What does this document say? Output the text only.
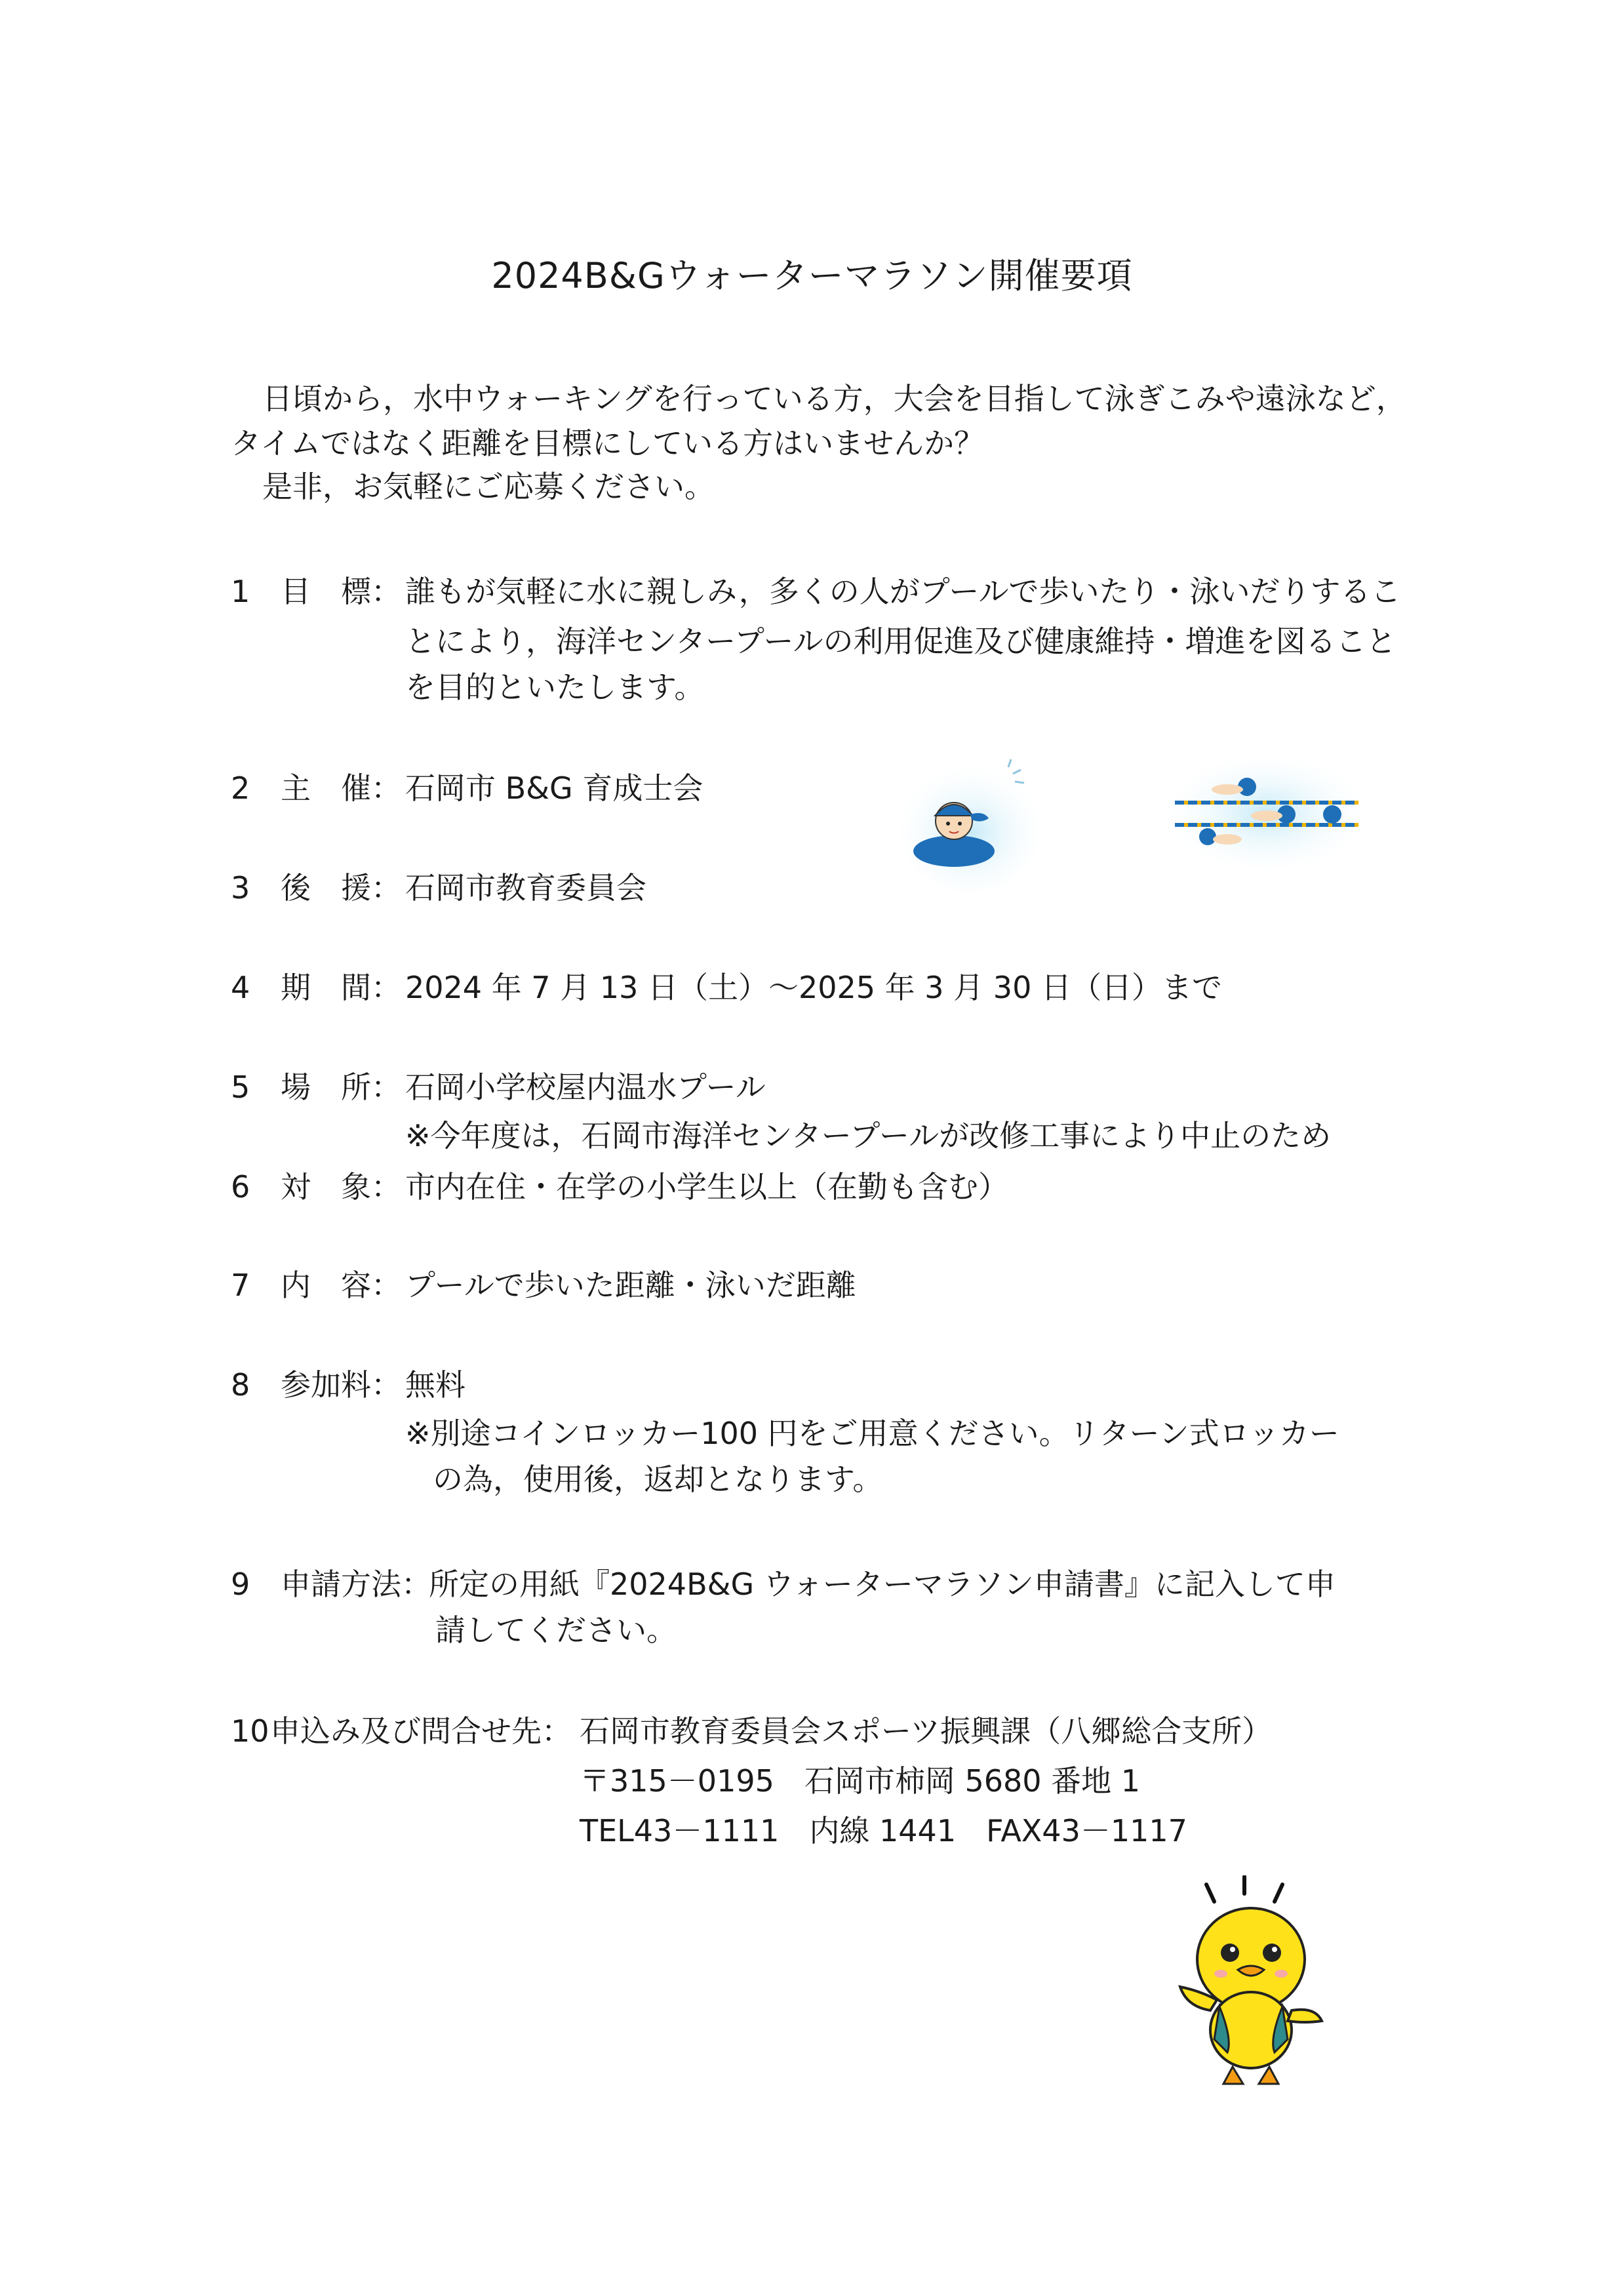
2024B&Gウォーターマラソン開催要項
日頃から，水中ウォーキングを行っている方，大会を目指して泳ぎこみや遠泳など，
タイムではなく距離を目標にしている方はいませんか？
是非，お気軽にご応募ください。
1 目　標： 誰もが気軽に水に親しみ，多くの人がプールで歩いたり・泳いだりするこ
とにより，海洋センタープールの利用促進及び健康維持・増進を図ること
を目的といたします。
2 主　催： 石岡市 B&G 育成士会
3 後　援： 石岡市教育委員会
4 期　間： 2024 年 7 月 13 日（土）～2025 年 3 月 30 日（日）まで
5 場　所： 石岡小学校屋内温水プール
※今年度は，石岡市海洋センタープールが改修工事により中止のため
6 対　象： 市内在住・在学の小学生以上（在勤も含む）
7 内　容： プールで歩いた距離・泳いだ距離
8 参加料： 無料
※別途コインロッカー100 円をご用意ください。リターン式ロッカー
の為，使用後，返却となります。
9 申請方法：
所定の用紙『2024B&G ウォーターマラソン申請書』に記入して申
請してください。
10 申込み及び問合せ先： 石岡市教育委員会スポーツ振興課（八郷総合支所）
〒315－0195　石岡市柿岡 5680 番地 1
TEL43－1111　内線 1441　FAX43－1117
